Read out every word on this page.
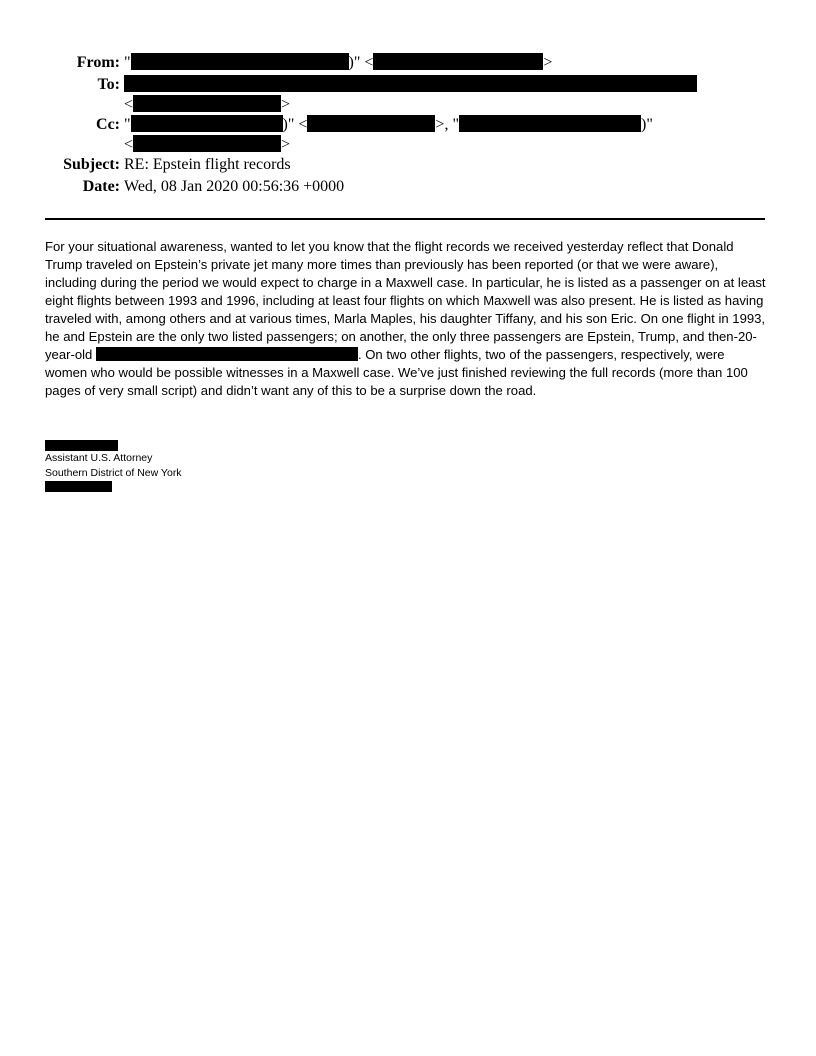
From: "	)" <	>
To:
<	>
Cc: "	)" <	>, "	)"
<	>
Subject: RE: Epstein flight records
Date: Wed, 08 Jan 2020 00:56:36 +0000

For your situational awareness, wanted to let you know that the flight records we received yesterday reflect that Donald Trump traveled on Epstein’s private jet many more times than previously has been reported (or that we were aware), including during the period we would expect to charge in a Maxwell case. In particular, he is listed as a passenger on at least eight flights between 1993 and 1996, including at least four flights on which Maxwell was also present. He is listed as having traveled with, among others and at various times, Marla Maples, his daughter Tiffany, and his son Eric. On one flight in 1993, he and Epstein are the only two listed passengers; on another, the only three passengers are Epstein, Trump, and then-20-year-old	. On two other flights, two of the passengers, respectively, were women who would be possible witnesses in a Maxwell case. We’ve just finished reviewing the full records (more than 100 pages of very small script) and didn’t want any of this to be a surprise down the road.

Assistant U.S. Attorney
Southern District of New York
